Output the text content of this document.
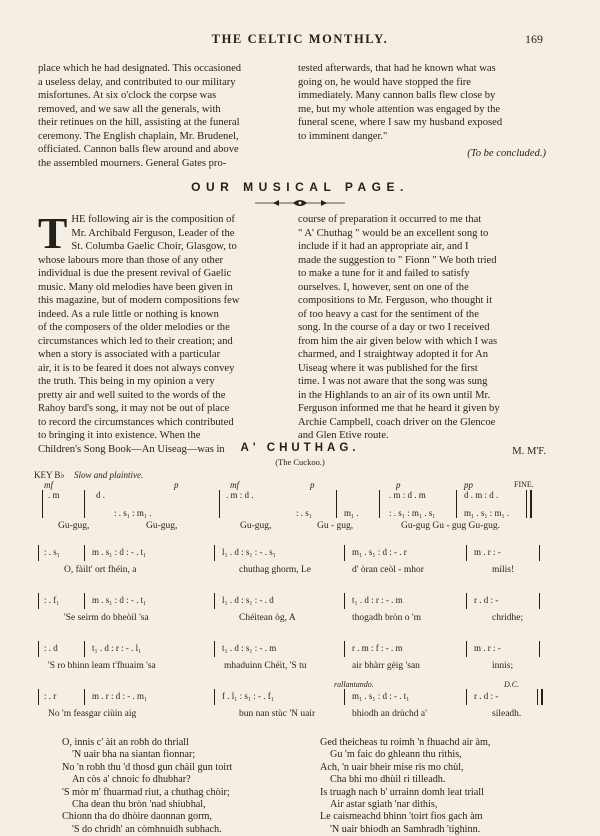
THE CELTIC MONTHLY.	169

place which he had designated. This occasioned

a useless delay, and contributed to our military

misfortunes. At six o'clock the corpse was

removed, and we saw all the generals, with

their retinues on the hill, assisting at the funeral

ceremony. The English chaplain, Mr. Brudenel,

officiated. Cannon balls flew around and above

the assembled mourners. General Gates pro-

tested afterwards, that had he known what was

going on, he would have stopped the fire

immediately. Many cannon balls flew close by

me, but my whole attention was engaged by the

funeral scene, where I saw my husband exposed

to imminent danger."

(To be concluded.)

OUR MUSICAL PAGE.
T HE following air is the composition of

Mr. Archibald Ferguson, Leader of the

St. Columba Gaelic Choir, Glasgow, to

whose labours more than those of any other

individual is due the present revival of Gaelic

music. Many old melodies have been given in

this magazine, but of modern compositions few

indeed. As a rule little or nothing is known

of the composers of the older melodies or the

circumstances which led to their creation; and

when a story is associated with a particular

air, it is to be feared it does not always convey

the truth. This being in my opinion a very

pretty air and well suited to the words of the

Rahoy bard's song, it may not be out of place

to record the circumstances which contributed

to bringing it into existence. When the

Children's Song Book—An Uiseag—was in

course of preparation it occurred to me that

" A' Chuthag " would be an excellent song to

include if it had an appropriate air, and I

made the suggestion to " Fionn " We both tried

to make a tune for it and failed to satisfy

ourselves. I, however, sent on one of the

compositions to Mr. Ferguson, who thought it

of too heavy a cast for the sentiment of the

song. In the course of a day or two I received

from him the air given below with which I was

charmed, and I straightway adopted it for An

Uiseag where it was published for the first

time. I was not aware that the song was sung

in the Highlands to an air of its own until Mr.

Ferguson informed me that he heard it given by

Archie Campbell, coach driver on the Glencoe

and Glen Etive route.

M. M'F.

A' CHUTHAG.
(The Cuckoo.)
KEY B♭ Slow and plaintive.
mf	p	mf	p	p	pp	FINE.
. m	d .	. m : d .	. m : d . m	d . m : d .
: . s₁ : m₁ .	: . s₁	m₁ .	: . s₁ : m₁ . s₁	m₁ . s₁ : m₁ .
Gu-gug,	Gu-gug,	Gu-gug,	Gu - gug,	Gu-gug Gu - gug Gu-gug.
: . s₁	m . s₁ : d : - . t₁	l₁ . d : s₁ : - . s₁	m₁ . s₁ : d : - . r	m . r : -
O, fàilt' ort fhéin, a	chuthag ghorm, Le	d' òran ceòl - mhor	milis!
: . f₁	m . s₁ : d : - . t₁	l₁ . d : s₁ : - . d	t₁ . d : r : - . m	r . d : -
'Se seirm do bheòil 'sa	Chéitean òg, A	thogadh bròn o 'm	chridhe;
: . d	t₁ . d : r : - . l₁	t₁ . d : s₁ : - . m	r . m : f : - . m	m . r : -
'S ro bhinn leam t'fhuaim 'sa	mhaduinn Chéit, 'S tu	air bhàrr gèig 'san	innis;
rallantando.	D.C.
: . r	m . r : d : - . m₁	f . l₁ : s₁ : - . f₁	m₁ . s₁ : d : - . t₁	r . d : -
No 'm feasgar ciùin aig	bun nan stùc 'N uair	bhiodh an drùchd a'	sileadh.
O, innis c' àit an robh do thriall
'N uair bha na siantan fionnar;
No 'n robh thu 'd thosd gun chàil gun toirt
An còs a' chnoic fo dhubhar?
'S mòr m' fhuarmad riut, a chuthag chòir;
Cha dean thu bròn 'nad shiubhal,
Chionn tha do dhòire daonnan gorm,
'S do chridh' an còmhnuidh subhach.
Ged theicheas tu roimh 'n fhuachd air àm,
Gu 'm faic do ghleann thu rithis,
Ach, 'n uair bheir mise ris mo chùl,
Cha bhi mo dhùil ri tilleadh.
Is truagh nach b' urrainn domh leat triall
Air astar sgiath 'nar dithis,
Le caismeachd bhinn 'toirt fios gach àm
'N uair bhiodh an Samhradh 'tighinn.
